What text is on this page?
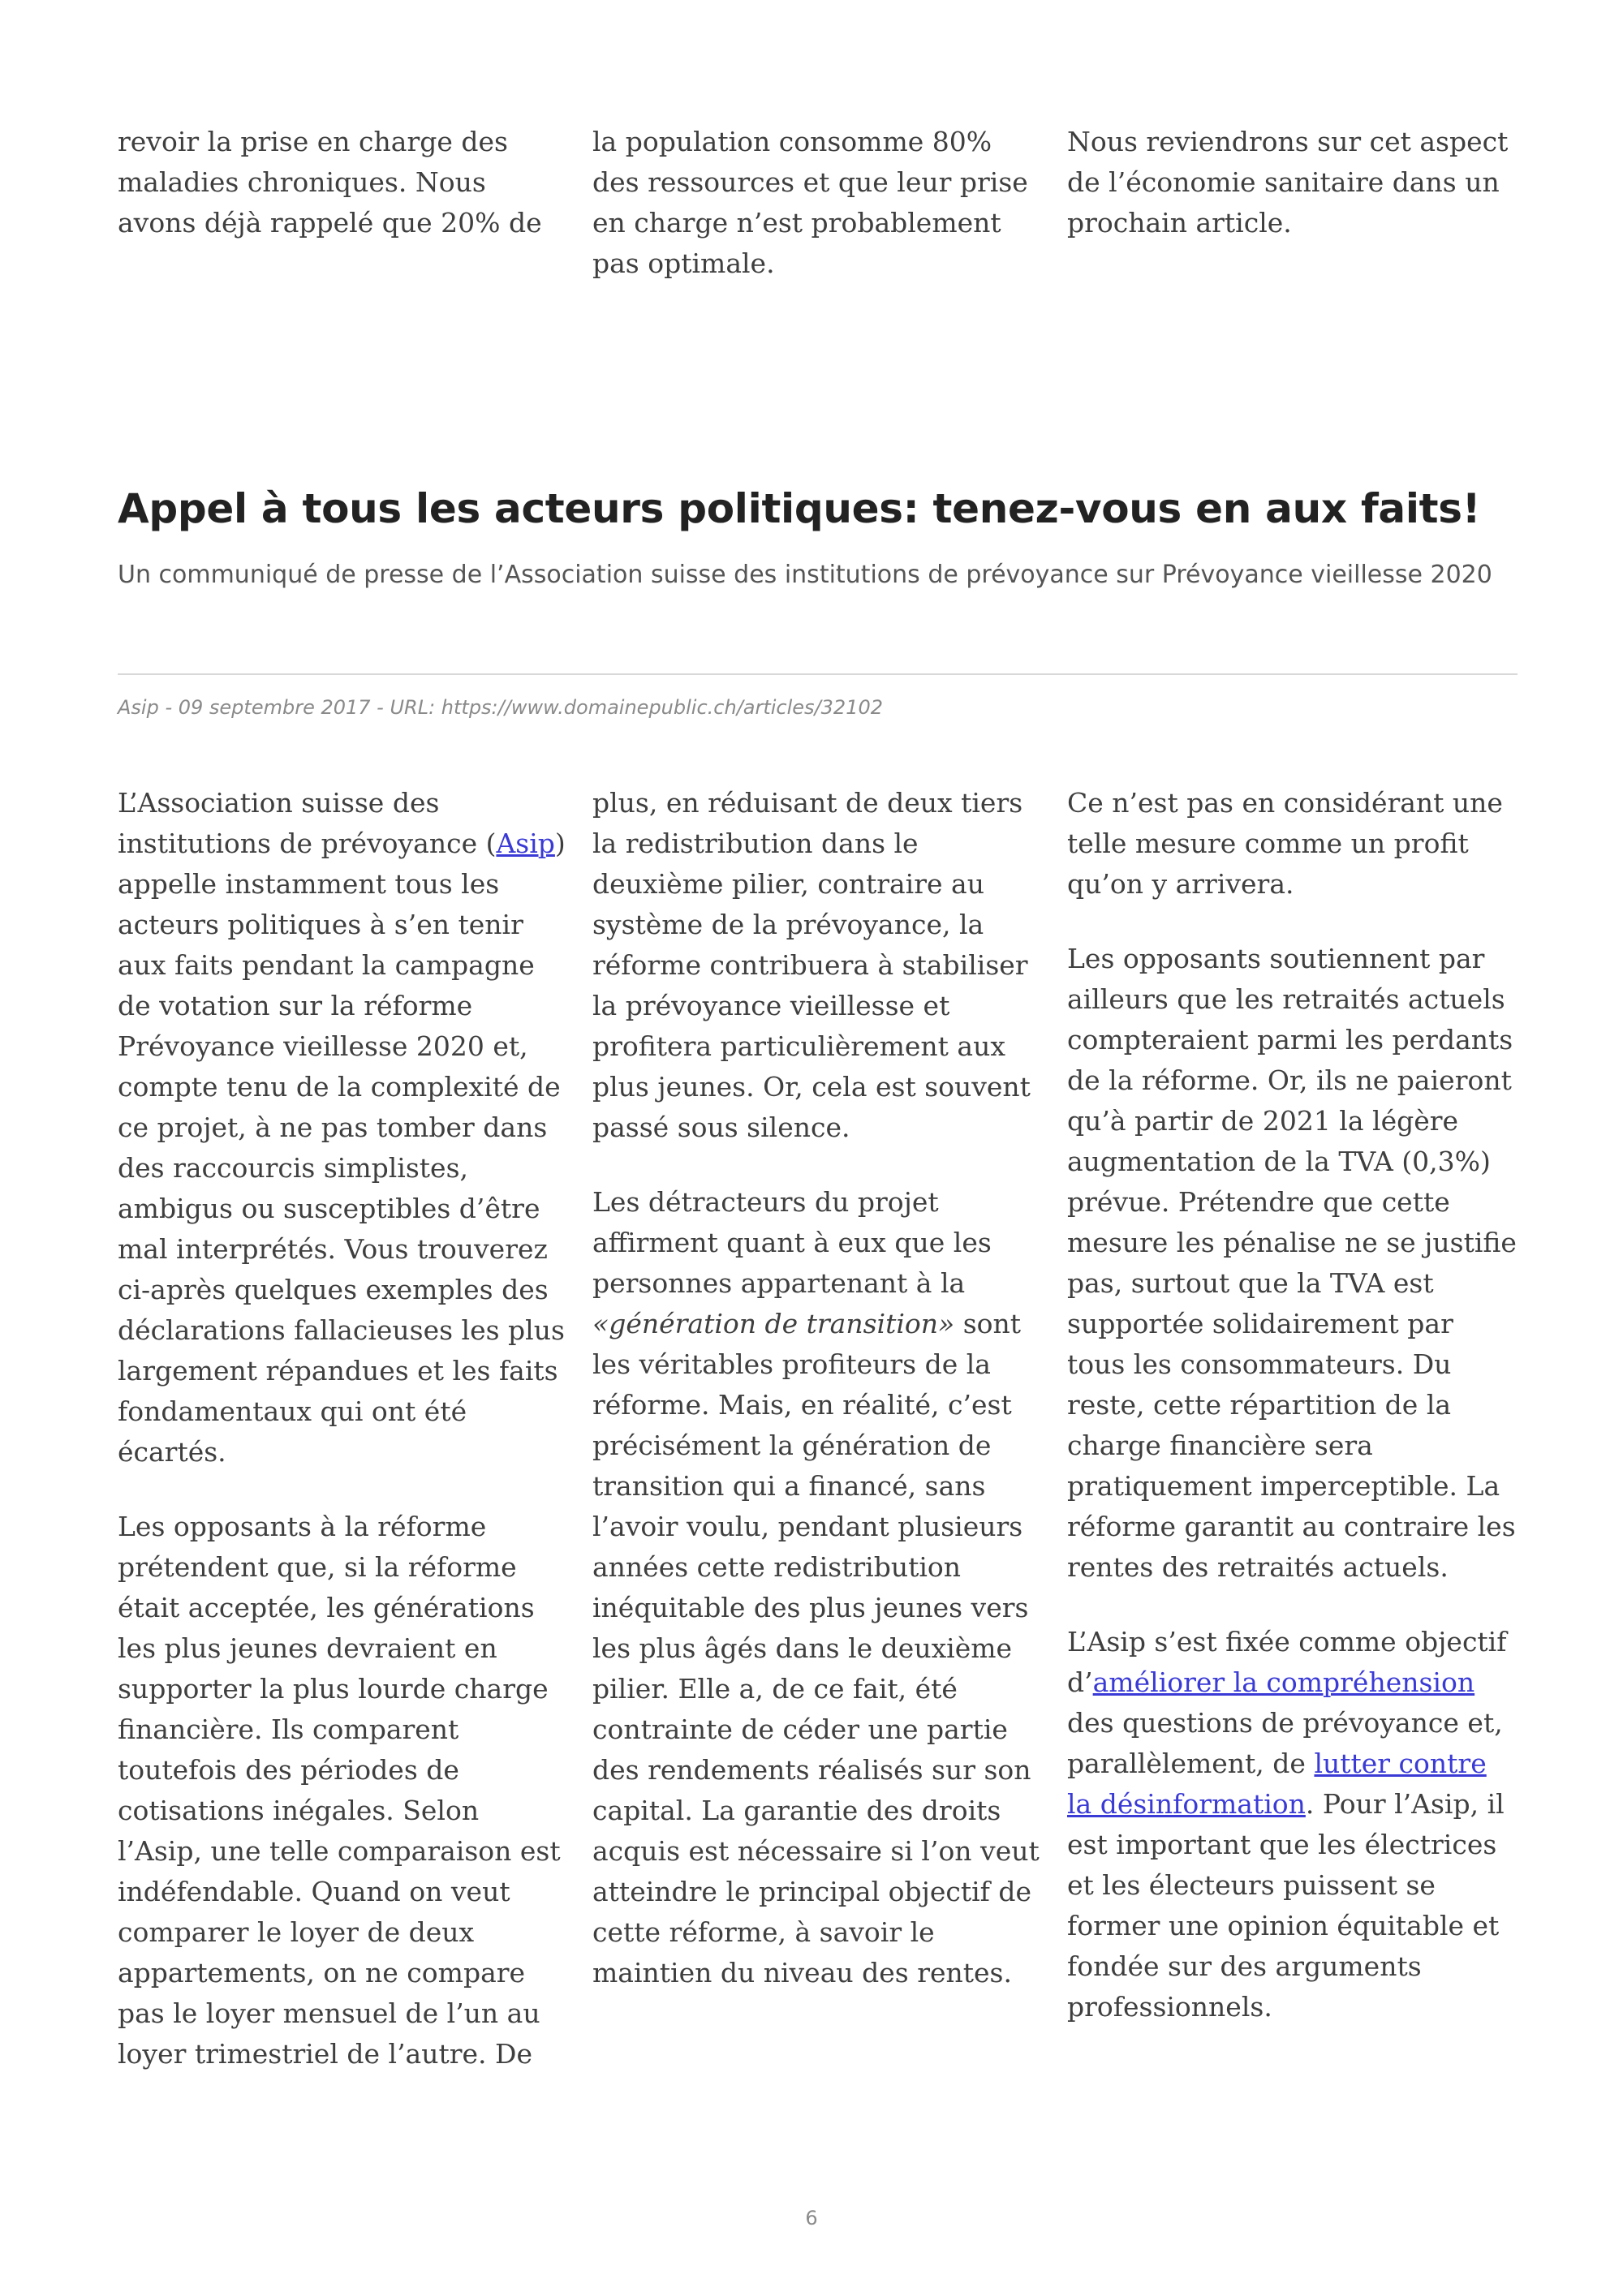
revoir la prise en charge des maladies chroniques. Nous avons déjà rappelé que 20% de

la population consomme 80% des ressources et que leur prise en charge n’est probablement pas optimale.

Nous reviendrons sur cet aspect de l’économie sanitaire dans un prochain article.

Appel à tous les acteurs politiques: tenez-vous en aux faits!

Un communiqué de presse de l’Association suisse des institutions de prévoyance sur Prévoyance vieillesse 2020

Asip - 09 septembre 2017 - URL: https://www.domainepublic.ch/articles/32102

L’Association suisse des institutions de prévoyance (Asip) appelle instamment tous les acteurs politiques à s’en tenir aux faits pendant la campagne de votation sur la réforme Prévoyance vieillesse 2020 et, compte tenu de la complexité de ce projet, à ne pas tomber dans des raccourcis simplistes, ambigus ou susceptibles d’être mal interprétés. Vous trouverez ci-après quelques exemples des déclarations fallacieuses les plus largement répandues et les faits fondamentaux qui ont été écartés.

Les opposants à la réforme prétendent que, si la réforme était acceptée, les générations les plus jeunes devraient en supporter la plus lourde charge financière. Ils comparent toutefois des périodes de cotisations inégales. Selon l’Asip, une telle comparaison est indéfendable. Quand on veut comparer le loyer de deux appartements, on ne compare pas le loyer mensuel de l’un au loyer trimestriel de l’autre. De

plus, en réduisant de deux tiers la redistribution dans le deuxième pilier, contraire au système de la prévoyance, la réforme contribuera à stabiliser la prévoyance vieillesse et profitera particulièrement aux plus jeunes. Or, cela est souvent passé sous silence.

Les détracteurs du projet affirment quant à eux que les personnes appartenant à la «génération de transition» sont les véritables profiteurs de la réforme. Mais, en réalité, c’est précisément la génération de transition qui a financé, sans l’avoir voulu, pendant plusieurs années cette redistribution inéquitable des plus jeunes vers les plus âgés dans le deuxième pilier. Elle a, de ce fait, été contrainte de céder une partie des rendements réalisés sur son capital. La garantie des droits acquis est nécessaire si l’on veut atteindre le principal objectif de cette réforme, à savoir le maintien du niveau des rentes.

Ce n’est pas en considérant une telle mesure comme un profit qu’on y arrivera.

Les opposants soutiennent par ailleurs que les retraités actuels compteraient parmi les perdants de la réforme. Or, ils ne paieront qu’à partir de 2021 la légère augmentation de la TVA (0,3%) prévue. Prétendre que cette mesure les pénalise ne se justifie pas, surtout que la TVA est supportée solidairement par tous les consommateurs. Du reste, cette répartition de la charge financière sera pratiquement imperceptible. La réforme garantit au contraire les rentes des retraités actuels.

L’Asip s’est fixée comme objectif d’améliorer la compréhension des questions de prévoyance et, parallèlement, de lutter contre la désinformation. Pour l’Asip, il est important que les électrices et les électeurs puissent se former une opinion équitable et fondée sur des arguments professionnels.

6
